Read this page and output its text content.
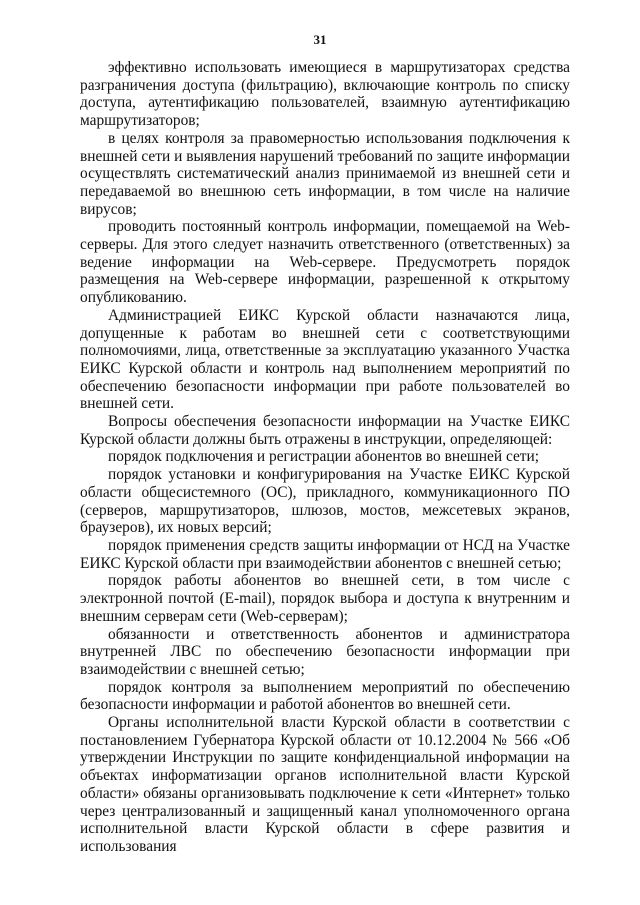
31

эффективно использовать имеющиеся в маршрутизаторах средства разграничения доступа (фильтрацию), включающие контроль по списку доступа, аутентификацию пользователей, взаимную аутентификацию маршрутизаторов;

в целях контроля за правомерностью использования подключения к внешней сети и выявления нарушений требований по защите информации осуществлять систематический анализ принимаемой из внешней сети и передаваемой во внешнюю сеть информации, в том числе на наличие вирусов;

проводить постоянный контроль информации, помещаемой на Web-серверы. Для этого следует назначить ответственного (ответственных) за ведение информации на Web-сервере. Предусмотреть порядок размещения на Web-сервере информации, разрешенной к открытому опубликованию.

Администрацией ЕИКС Курской области назначаются лица, допущенные к работам во внешней сети с соответствующими полномочиями, лица, ответственные за эксплуатацию указанного Участка ЕИКС Курской области и контроль над выполнением мероприятий по обеспечению безопасности информации при работе пользователей во внешней сети.

Вопросы обеспечения безопасности информации на Участке ЕИКС Курской области должны быть отражены в инструкции, определяющей:

порядок подключения и регистрации абонентов во внешней сети;

порядок установки и конфигурирования на Участке ЕИКС Курской области общесистемного (ОС), прикладного, коммуникационного ПО (серверов, маршрутизаторов, шлюзов, мостов, межсетевых экранов, браузеров), их новых версий;

порядок применения средств защиты информации от НСД на Участке ЕИКС Курской области при взаимодействии абонентов с внешней сетью;

порядок работы абонентов во внешней сети, в том числе с электронной почтой (E-mail), порядок выбора и доступа к внутренним и внешним серверам сети (Web-серверам);

обязанности и ответственность абонентов и администратора внутренней ЛВС по обеспечению безопасности информации при взаимодействии с внешней сетью;

порядок контроля за выполнением мероприятий по обеспечению безопасности информации и работой абонентов во внешней сети.

Органы исполнительной власти Курской области в соответствии с постановлением Губернатора Курской области от 10.12.2004 № 566 «Об утверждении Инструкции по защите конфиденциальной информации на объектах информатизации органов исполнительной власти Курской области» обязаны организовывать подключение к сети «Интернет» только через централизованный и защищенный канал уполномоченного органа исполнительной власти Курской области в сфере развития и использования
